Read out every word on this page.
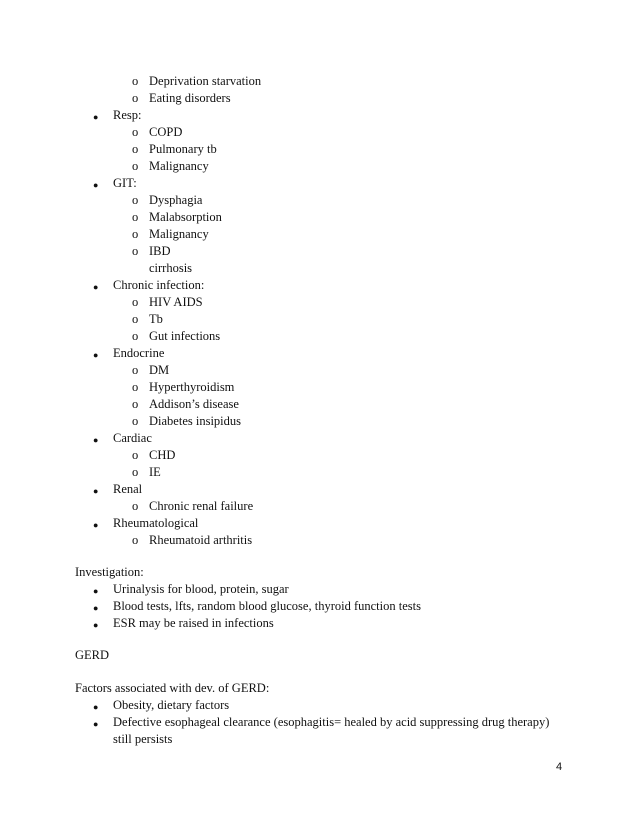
o Deprivation starvation
o Eating disorders
● Resp:
o COPD
o Pulmonary tb
o Malignancy
● GIT:
o Dysphagia
o Malabsorption
o Malignancy
o IBD
cirrhosis
● Chronic infection:
o HIV AIDS
o Tb
o Gut infections
● Endocrine
o DM
o Hyperthyroidism
o Addison’s disease
o Diabetes insipidus
● Cardiac
o CHD
o IE
● Renal
o Chronic renal failure
● Rheumatological
o Rheumatoid arthritis
Investigation:
● Urinalysis for blood, protein, sugar
● Blood tests, lfts, random blood glucose, thyroid function tests
● ESR may be raised in infections
GERD
Factors associated with dev. of GERD:
● Obesity, dietary factors
● Defective esophageal clearance (esophagitis= healed by acid suppressing drug therapy)
still persists
4
